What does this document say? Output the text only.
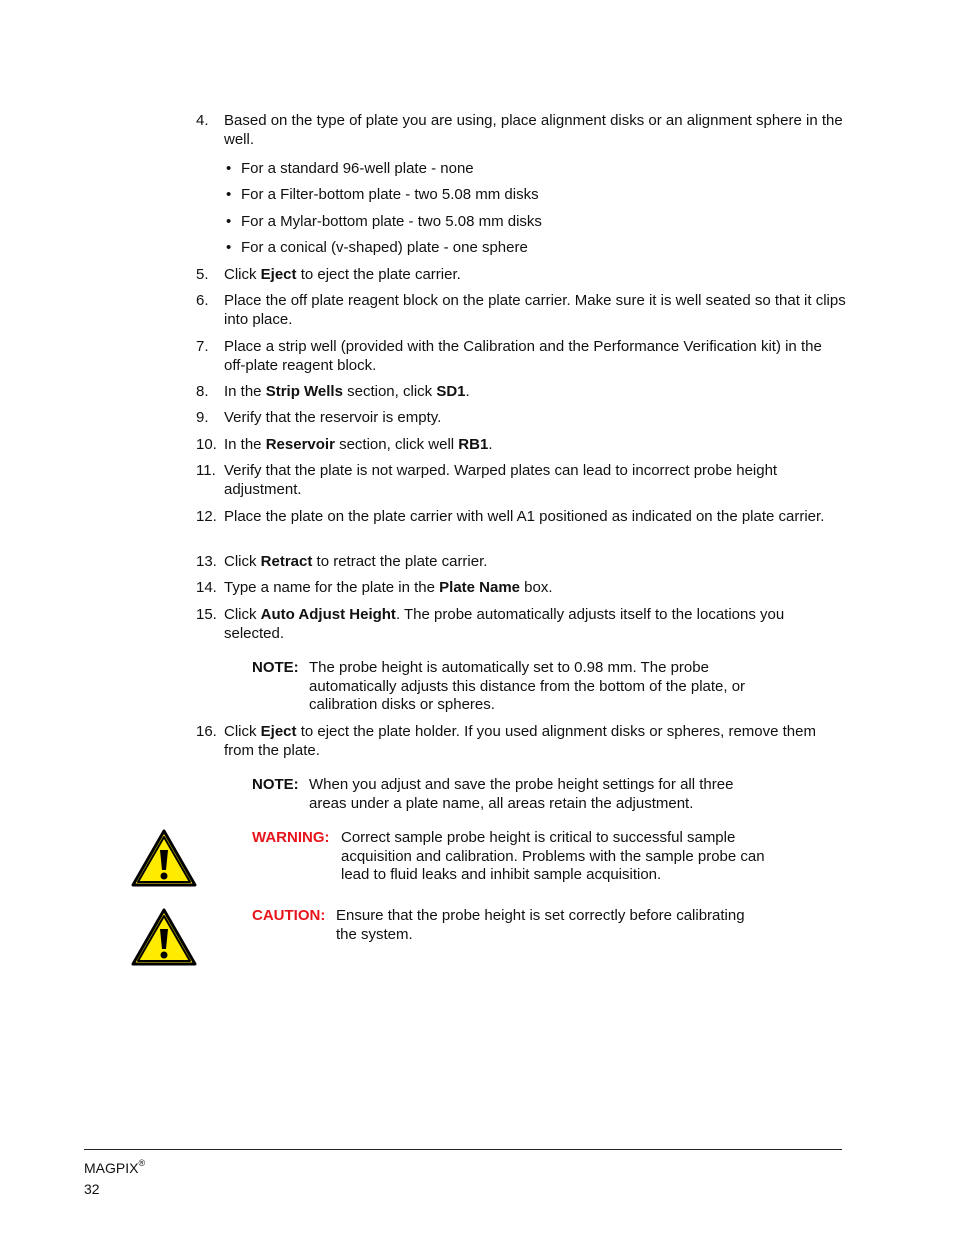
4. Based on the type of plate you are using, place alignment disks or an alignment sphere in the well.
• For a standard 96-well plate - none
• For a Filter-bottom plate - two 5.08 mm disks
• For a Mylar-bottom plate - two 5.08 mm disks
• For a conical (v-shaped) plate - one sphere
5. Click Eject to eject the plate carrier.
6. Place the off plate reagent block on the plate carrier. Make sure it is well seated so that it clips into place.
7. Place a strip well (provided with the Calibration and the Performance Verification kit) in the off-plate reagent block.
8. In the Strip Wells section, click SD1.
9. Verify that the reservoir is empty.
10. In the Reservoir section, click well RB1.
11. Verify that the plate is not warped. Warped plates can lead to incorrect probe height adjustment.
12. Place the plate on the plate carrier with well A1 positioned as indicated on the plate carrier.
13. Click Retract to retract the plate carrier.
14. Type a name for the plate in the Plate Name box.
15. Click Auto Adjust Height. The probe automatically adjusts itself to the locations you selected.
NOTE: The probe height is automatically set to 0.98 mm. The probe
automatically adjusts this distance from the bottom of the plate, or
calibration disks or spheres.
16. Click Eject to eject the plate holder. If you used alignment disks or spheres, remove them from the plate.
NOTE: When you adjust and save the probe height settings for all three
areas under a plate name, all areas retain the adjustment.
WARNING: Correct sample probe height is critical to successful sample
acquisition and calibration. Problems with the sample probe can
lead to fluid leaks and inhibit sample acquisition.
CAUTION: Ensure that the probe height is set correctly before calibrating
the system.
MAGPIX®
32
